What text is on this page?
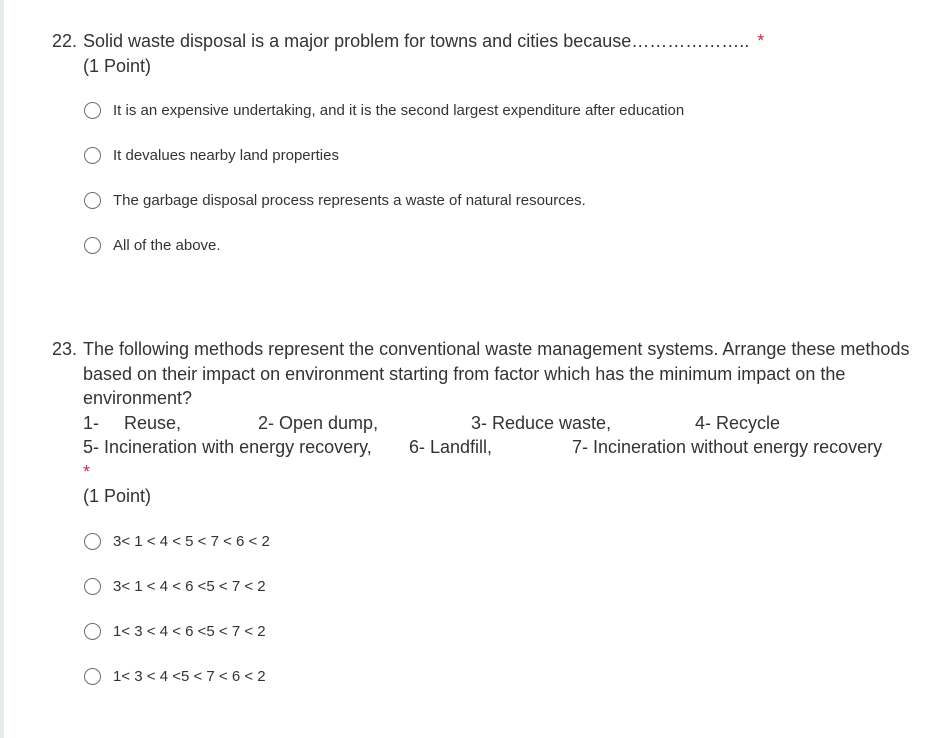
22. Solid waste disposal is a major problem for towns and cities because……………….. *
(1 Point)
It is an expensive undertaking, and it is the second largest expenditure after education
It devalues nearby land properties
The garbage disposal process represents a waste of natural resources.
All of the above.
23. The following methods represent the conventional waste management systems. Arrange these methods based on their impact on environment starting from factor which has the minimum impact on the environment?
1-     Reuse,	2- Open dump,	3- Reduce waste,	4- Recycle
5- Incineration with energy recovery, 6- Landfill,	7- Incineration without energy recovery
*
(1 Point)
3< 1 < 4 < 5 < 7 < 6 < 2
3< 1 < 4 < 6 <5 < 7 < 2
1< 3 < 4 < 6 <5 < 7 < 2
1< 3 < 4 <5 < 7 < 6 < 2
